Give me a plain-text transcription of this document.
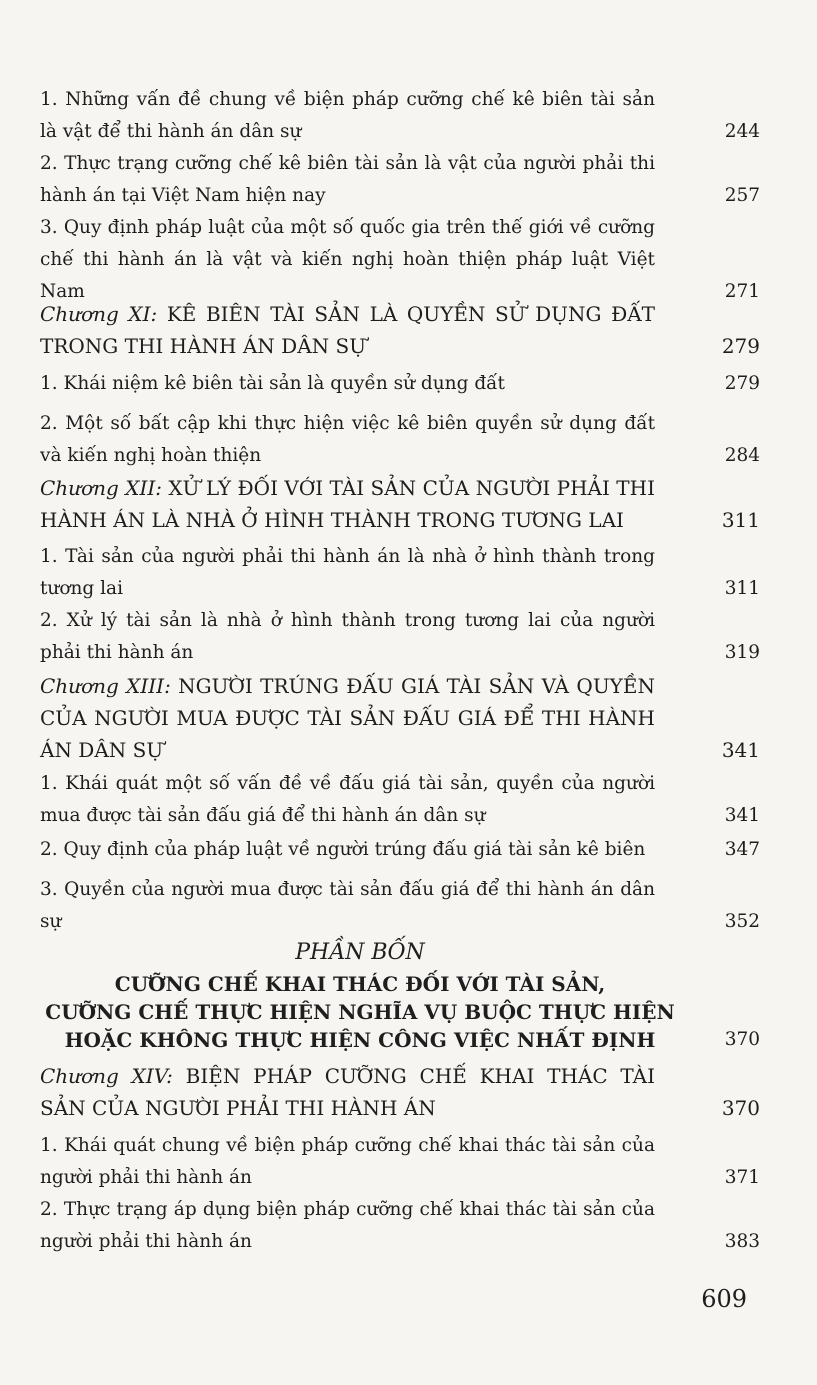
1. Những vấn đề chung về biện pháp cưỡng chế kê biên tài sản là vật để thi hành án dân sự	244
2. Thực trạng cưỡng chế kê biên tài sản là vật của người phải thi hành án tại Việt Nam hiện nay	257
3. Quy định pháp luật của một số quốc gia trên thế giới về cưỡng chế thi hành án là vật và kiến nghị hoàn thiện pháp luật Việt Nam	271
Chương XI: KÊ BIÊN TÀI SẢN LÀ QUYỀN SỬ DỤNG ĐẤT TRONG THI HÀNH ÁN DÂN SỰ	279
1. Khái niệm kê biên tài sản là quyền sử dụng đất	279
2. Một số bất cập khi thực hiện việc kê biên quyền sử dụng đất và kiến nghị hoàn thiện	284
Chương XII: XỬ LÝ ĐỐI VỚI TÀI SẢN CỦA NGƯỜI PHẢI THI HÀNH ÁN LÀ NHÀ Ở HÌNH THÀNH TRONG TƯƠNG LAI	311
1. Tài sản của người phải thi hành án là nhà ở hình thành trong tương lai	311
2. Xử lý tài sản là nhà ở hình thành trong tương lai của người phải thi hành án	319
Chương XIII: NGƯỜI TRÚNG ĐẤU GIÁ TÀI SẢN VÀ QUYỀN CỦA NGƯỜI MUA ĐƯỢC TÀI SẢN ĐẤU GIÁ ĐỂ THI HÀNH ÁN DÂN SỰ	341
1. Khái quát một số vấn đề về đấu giá tài sản, quyền của người mua được tài sản đấu giá để thi hành án dân sự	341
2. Quy định của pháp luật về người trúng đấu giá tài sản kê biên	347
3. Quyền của người mua được tài sản đấu giá để thi hành án dân sự	352
PHẦN BỐN
CƯỠNG CHẾ KHAI THÁC ĐỐI VỚI TÀI SẢN,
CƯỠNG CHẾ THỰC HIỆN NGHĨA VỤ BUỘC THỰC HIỆN
HOẶC KHÔNG THỰC HIỆN CÔNG VIỆC NHẤT ĐỊNH	370
Chương XIV: BIỆN PHÁP CƯỠNG CHẾ KHAI THÁC TÀI SẢN CỦA NGƯỜI PHẢI THI HÀNH ÁN	370
1. Khái quát chung về biện pháp cưỡng chế khai thác tài sản của người phải thi hành án	371
2. Thực trạng áp dụng biện pháp cưỡng chế khai thác tài sản của người phải thi hành án	383
609
